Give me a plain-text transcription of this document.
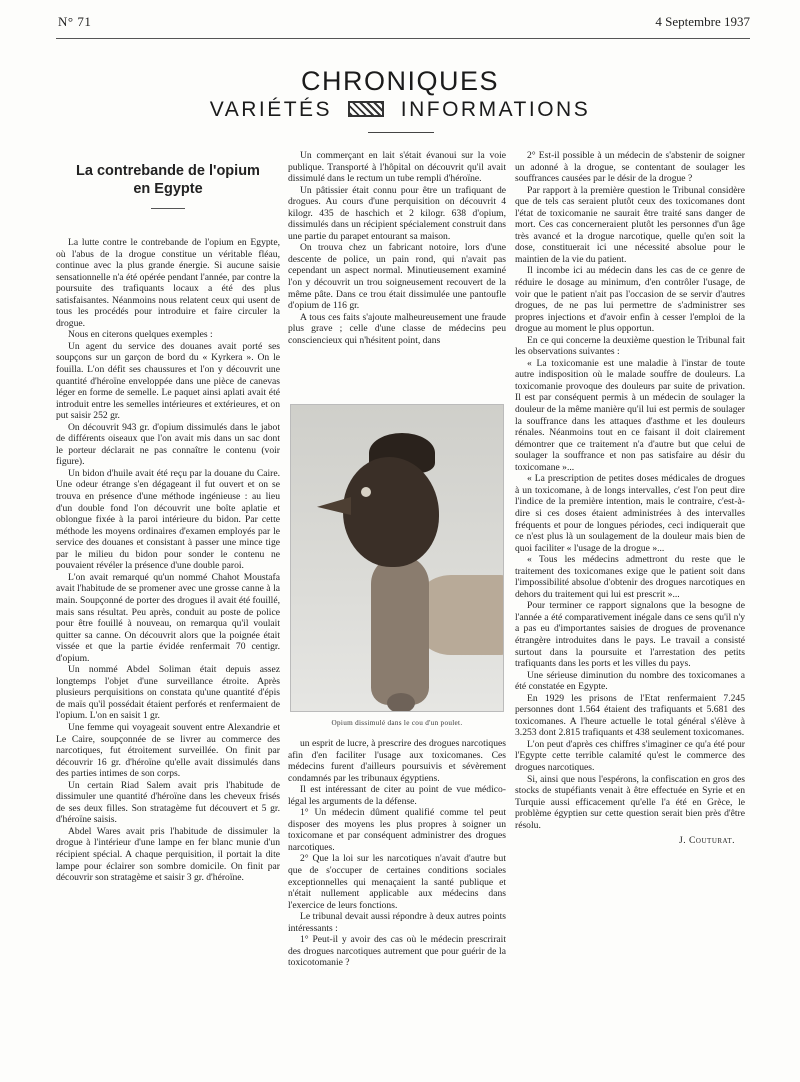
N° 71	4 Septembre 1937
CHRONIQUES
VARIÉTÉS	INFORMATIONS
La contrebande de l'opium
en Egypte

La lutte contre le contrebande de l'opium en Egypte, où l'abus de la drogue constitue un véritable fléau, continue avec la plus grande énergie. Si aucune saisie sensationnelle n'a été opérée pendant l'année, par contre la poursuite des trafiquants locaux a été des plus satisfaisantes. Néanmoins nous relatent ceux qui usent de tous les procédés pour introduire et faire circuler la drogue.

Nous en citerons quelques exemples :

Un agent du service des douanes avait porté ses soupçons sur un garçon de bord du « Kyrkera ». On le fouilla. L'on défit ses chaussures et l'on y découvrit une quantité d'héroïne enveloppée dans une pièce de canevas léger en forme de semelle. Le paquet ainsi aplati avait été introduit entre les semelles intérieures et extérieures, et on put saisir 252 gr.

On découvrit 943 gr. d'opium dissimulés dans le jabot de différents oiseaux que l'on avait mis dans un sac dont le porteur déclarait ne pas connaître le contenu (voir figure).

Un bidon d'huile avait été reçu par la douane du Caire. Une odeur étrange s'en dégageant il fut ouvert et on se trouva en présence d'une méthode ingénieuse : au lieu d'un double fond l'on découvrit une boîte aplatie et oblongue fixée à la paroi intérieure du bidon. Par cette méthode les moyens ordinaires d'examen employés par le service des douanes et consistant à passer une mince tige par le milieu du bidon pour sonder le contenu ne pouvaient révéler la présence d'une double paroi.

L'on avait remarqué qu'un nommé Chahot Moustafa avait l'habitude de se promener avec une grosse canne à la main. Soupçonné de porter des drogues il avait été fouillé, mais sans résultat. Peu après, conduit au poste de police pour être fouillé à nouveau, on remarqua qu'il voulait quitter sa canne. On découvrit alors que la poignée était vissée et que la partie évidée renfermait 70 centigr. d'opium.

Un nommé Abdel Soliman était depuis assez longtemps l'objet d'une surveillance étroite. Après plusieurs perquisitions on constata qu'une quantité d'épis de maïs qu'il possédait étaient perforés et renfermaient de l'opium. L'on en saisit 1 gr.

Une femme qui voyageait souvent entre Alexandrie et Le Caire, soupçonnée de se livrer au commerce des narcotiques, fut étroitement surveillée. On finit par découvrir 16 gr. d'héroïne qu'elle avait dissimulés dans des parties intimes de son corps.

Un certain Riad Salem avait pris l'habitude de dissimuler une quantité d'héroïne dans les cheveux frisés de ses deux filles. Son stratagème fut découvert et 5 gr. d'héroïne saisis.

Abdel Wares avait pris l'habitude de dissimuler la drogue à l'intérieur d'une lampe en fer blanc munie d'un récipient spécial. A chaque perquisition, il portait la dite lampe pour éclairer son sombre domicile. On finit par découvrir son stratagème et saisir 3 gr. d'héroïne.

Un commerçant en lait s'était évanoui sur la voie publique. Transporté à l'hôpital on découvrit qu'il avait dissimulé dans le rectum un tube rempli d'héroïne.

Un pâtissier était connu pour être un trafiquant de drogues. Au cours d'une perquisition on découvrit 4 kilogr. 435 de haschich et 2 kilogr. 638 d'opium, dissimulés dans un récipient spécialement construit dans une partie du parapet entourant sa maison.

On trouva chez un fabricant notoire, lors d'une descente de police, un pain rond, qui n'avait pas cependant un aspect normal. Minutieusement examiné l'on y découvrit un trou soigneusement recouvert de la même pâte. Dans ce trou était dissimulée une pantoufle d'opium de 116 gr.

A tous ces faits s'ajoute malheureusement une fraude plus grave ; celle d'une classe de médecins peu consciencieux qui n'hésitent point, dans

Opium dissimulé dans le cou d'un poulet.

un esprit de lucre, à prescrire des drogues narcotiques afin d'en faciliter l'usage aux toxicomanes. Ces médecins furent d'ailleurs poursuivis et sévèrement condamnés par les tribunaux égyptiens.

Il est intéressant de citer au point de vue médico-légal les arguments de la défense.

1° Un médecin dûment qualifié comme tel peut disposer des moyens les plus propres à soigner un toxicomane et par conséquent administrer des drogues narcotiques.

2° Que la loi sur les narcotiques n'avait d'autre but que de s'occuper de certaines conditions sociales exceptionnelles qui menaçaient la santé publique et n'était nullement applicable aux médecins dans l'exercice de leurs fonctions.

Le tribunal devait aussi répondre à deux autres points intéressants :

1° Peut-il y avoir des cas où le médecin prescrirait des drogues narcotiques autrement que pour guérir de la toxicotomanie ?

2° Est-il possible à un médecin de s'abstenir de soigner un adonné à la drogue, se contentant de soulager les souffrances causées par le désir de la drogue ?

Par rapport à la première question le Tribunal considère que de tels cas seraient plutôt ceux des toxicomanes dont l'état de toxicomanie ne saurait être traité sans danger de mort. Ces cas concerneraient plutôt les personnes d'un âge très avancé et la drogue narcotique, quelle qu'en soit la dose, constituerait ici une nécessité absolue pour le maintien de la vie du patient.

Il incombe ici au médecin dans les cas de ce genre de réduire le dosage au minimum, d'en contrôler l'usage, de voir que le patient n'ait pas l'occasion de se servir d'autres drogues, de ne pas lui permettre de s'administrer ses propres injections et d'avoir enfin à cesser l'emploi de la drogue au moment le plus opportun.

En ce qui concerne la deuxième question le Tribunal fait les observations suivantes :

« La toxicomanie est une maladie à l'instar de toute autre indisposition où le malade souffre de douleurs. La toxicomanie provoque des douleurs par suite de privation. Il est par conséquent permis à un médecin de soulager la douleur de la même manière qu'il lui est permis de soulager la souffrance dans les attaques d'asthme et les douleurs rénales. Néanmoins tout en ce faisant il doit clairement démontrer que ce traitement n'a d'autre but que celui de soulager la souffrance et non pas satisfaire au désir du toxicomane »...

« La prescription de petites doses médicales de drogues à un toxicomane, à de longs intervalles, c'est l'on peut dire l'indice de la première intention, mais le contraire, c'est-à-dire si ces doses étaient administrées à des intervalles fréquents et pour de longues périodes, ceci indiquerait que ce n'est plus là un soulagement de la douleur mais bien de quoi faciliter « l'usage de la drogue »...

« Tous les médecins admettront du reste que le traitement des toxicomanes exige que le patient soit dans l'impossibilité absolue d'obtenir des drogues narcotiques en dehors du traitement qui lui est prescrit »...

Pour terminer ce rapport signalons que la besogne de l'année a été comparativement inégale dans ce sens qu'il n'y a pas eu d'importantes saisies de drogues de provenance étrangère introduites dans le pays. Le travail a consisté surtout dans la poursuite et l'arrestation des petits trafiquants dans les ports et les villes du pays.

Une sérieuse diminution du nombre des toxicomanes a été constatée en Egypte.

En 1929 les prisons de l'Etat renfermaient 7.245 personnes dont 1.564 étaient des trafiquants et 5.681 des toxicomanes. A l'heure actuelle le total général s'élève à 3.253 dont 2.815 trafiquants et 438 seulement toxicomanes.

L'on peut d'après ces chiffres s'imaginer ce qu'a été pour l'Egypte cette terrible calamité qu'est le commerce des drogues narcotiques.

Si, ainsi que nous l'espérons, la confiscation en gros des stocks de stupéfiants venait à être effectuée en Syrie et en Turquie aussi efficacement qu'elle l'a été en Grèce, le problème égyptien sur cette question serait bien près d'être résolu.

J. Couturat.
